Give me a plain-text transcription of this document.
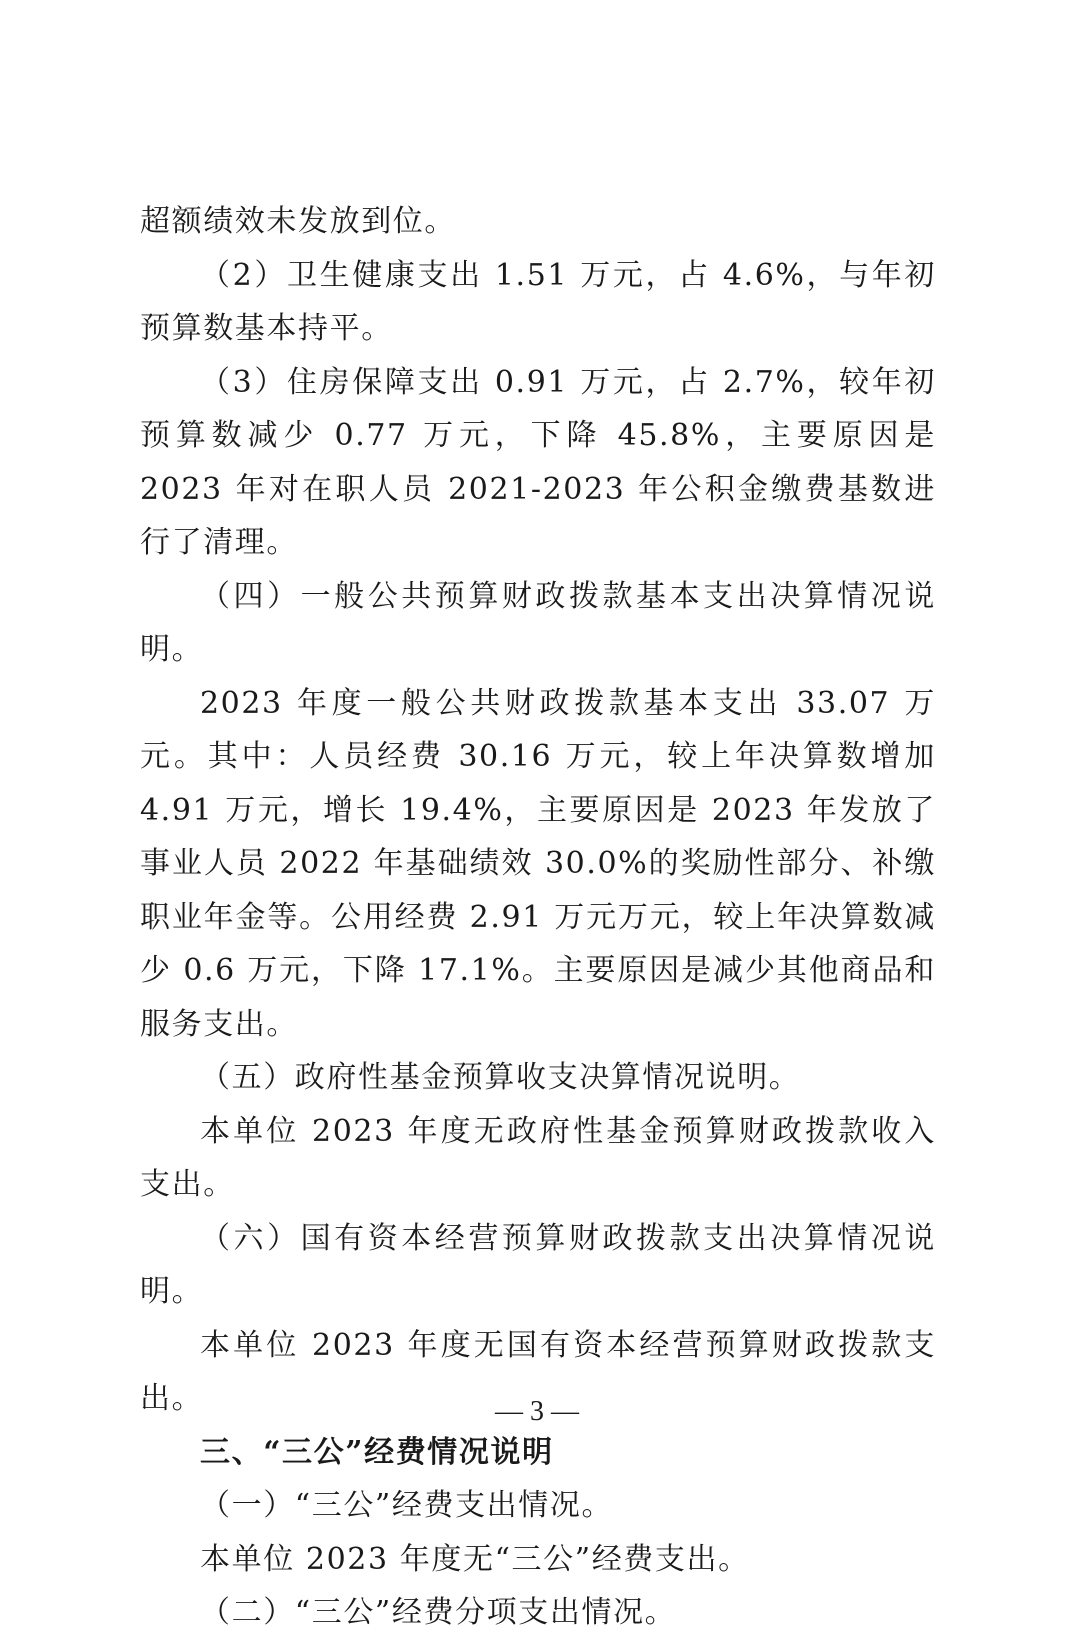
超额绩效未发放到位。

（2）卫生健康支出 1.51 万元，占 4.6%，与年初预算数基本持平。

（3）住房保障支出 0.91 万元，占 2.7%，较年初预算数减少 0.77 万元，下降 45.8%，主要原因是 2023 年对在职人员 2021-2023 年公积金缴费基数进行了清理。

（四）一般公共预算财政拨款基本支出决算情况说明。

2023 年度一般公共财政拨款基本支出 33.07 万元。其中：人员经费 30.16 万元，较上年决算数增加 4.91 万元，增长 19.4%，主要原因是 2023 年发放了事业人员 2022 年基础绩效 30.0%的奖励性部分、补缴职业年金等。公用经费 2.91 万元万元，较上年决算数减少 0.6 万元，下降 17.1%。主要原因是减少其他商品和服务支出。

（五）政府性基金预算收支决算情况说明。

本单位 2023 年度无政府性基金预算财政拨款收入支出。

（六）国有资本经营预算财政拨款支出决算情况说明。

本单位 2023 年度无国有资本经营预算财政拨款支出。

三、“三公”经费情况说明

（一）“三公”经费支出情况。

本单位 2023 年度无“三公”经费支出。

（二）“三公”经费分项支出情况。

— 3 —
